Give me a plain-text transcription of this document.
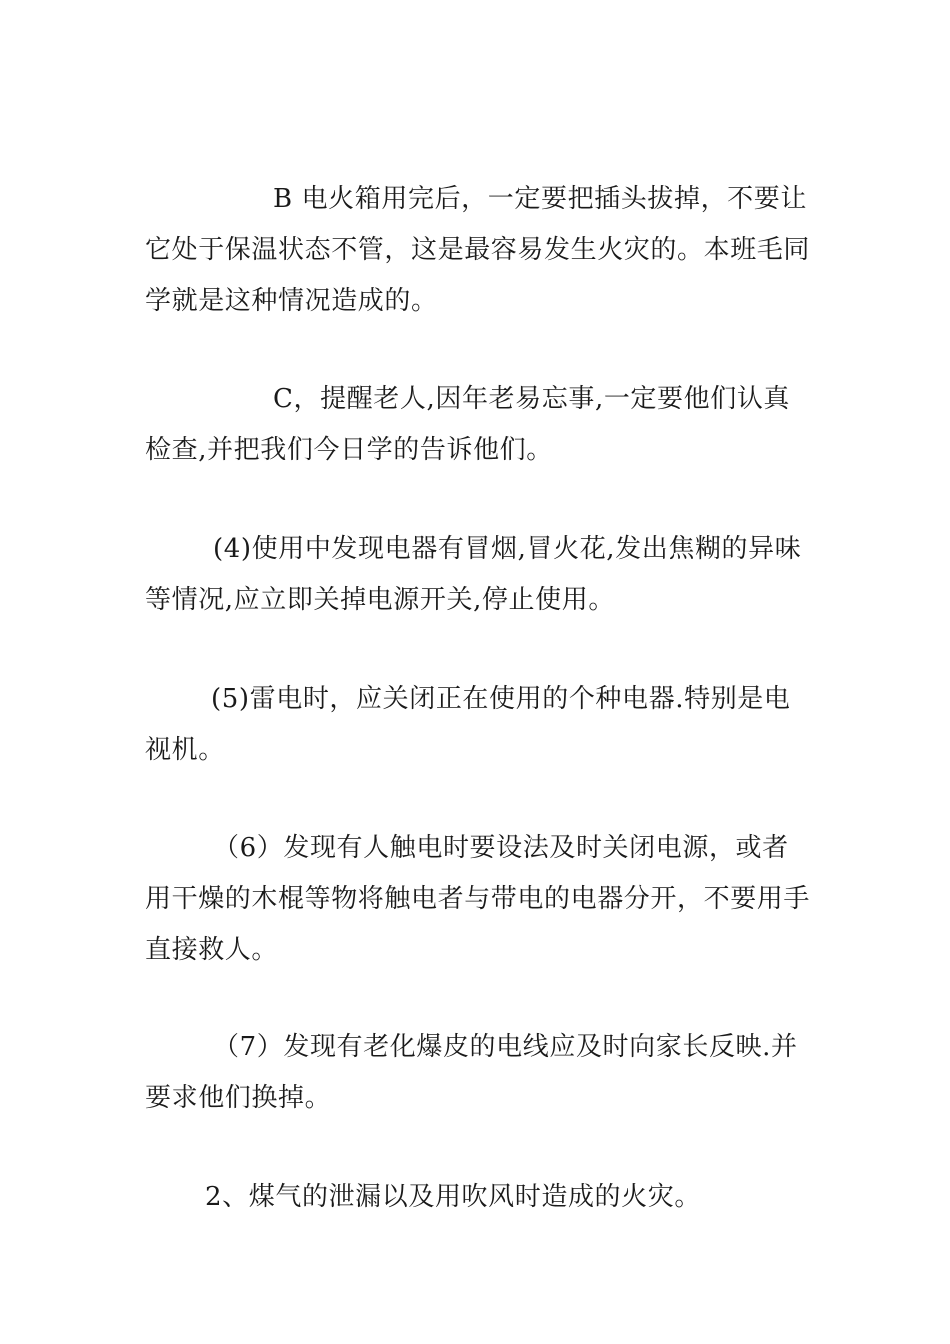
B 电火箱用完后，一定要把插头拔掉，不要让它处于保温状态不管，这是最容易发生火灾的。本班毛同学就是这种情况造成的。

C，提醒老人,因年老易忘事,一定要他们认真检查,并把我们今日学的告诉他们。

(4)使用中发现电器有冒烟,冒火花,发出焦糊的异味等情况,应立即关掉电源开关,停止使用。

(5)雷电时，应关闭正在使用的个种电器.特别是电视机。

（6）发现有人触电时要设法及时关闭电源，或者用干燥的木棍等物将触电者与带电的电器分开，不要用手直接救人。

（7）发现有老化爆皮的电线应及时向家长反映.并要求他们换掉。

2、煤气的泄漏以及用吹风时造成的火灾。
